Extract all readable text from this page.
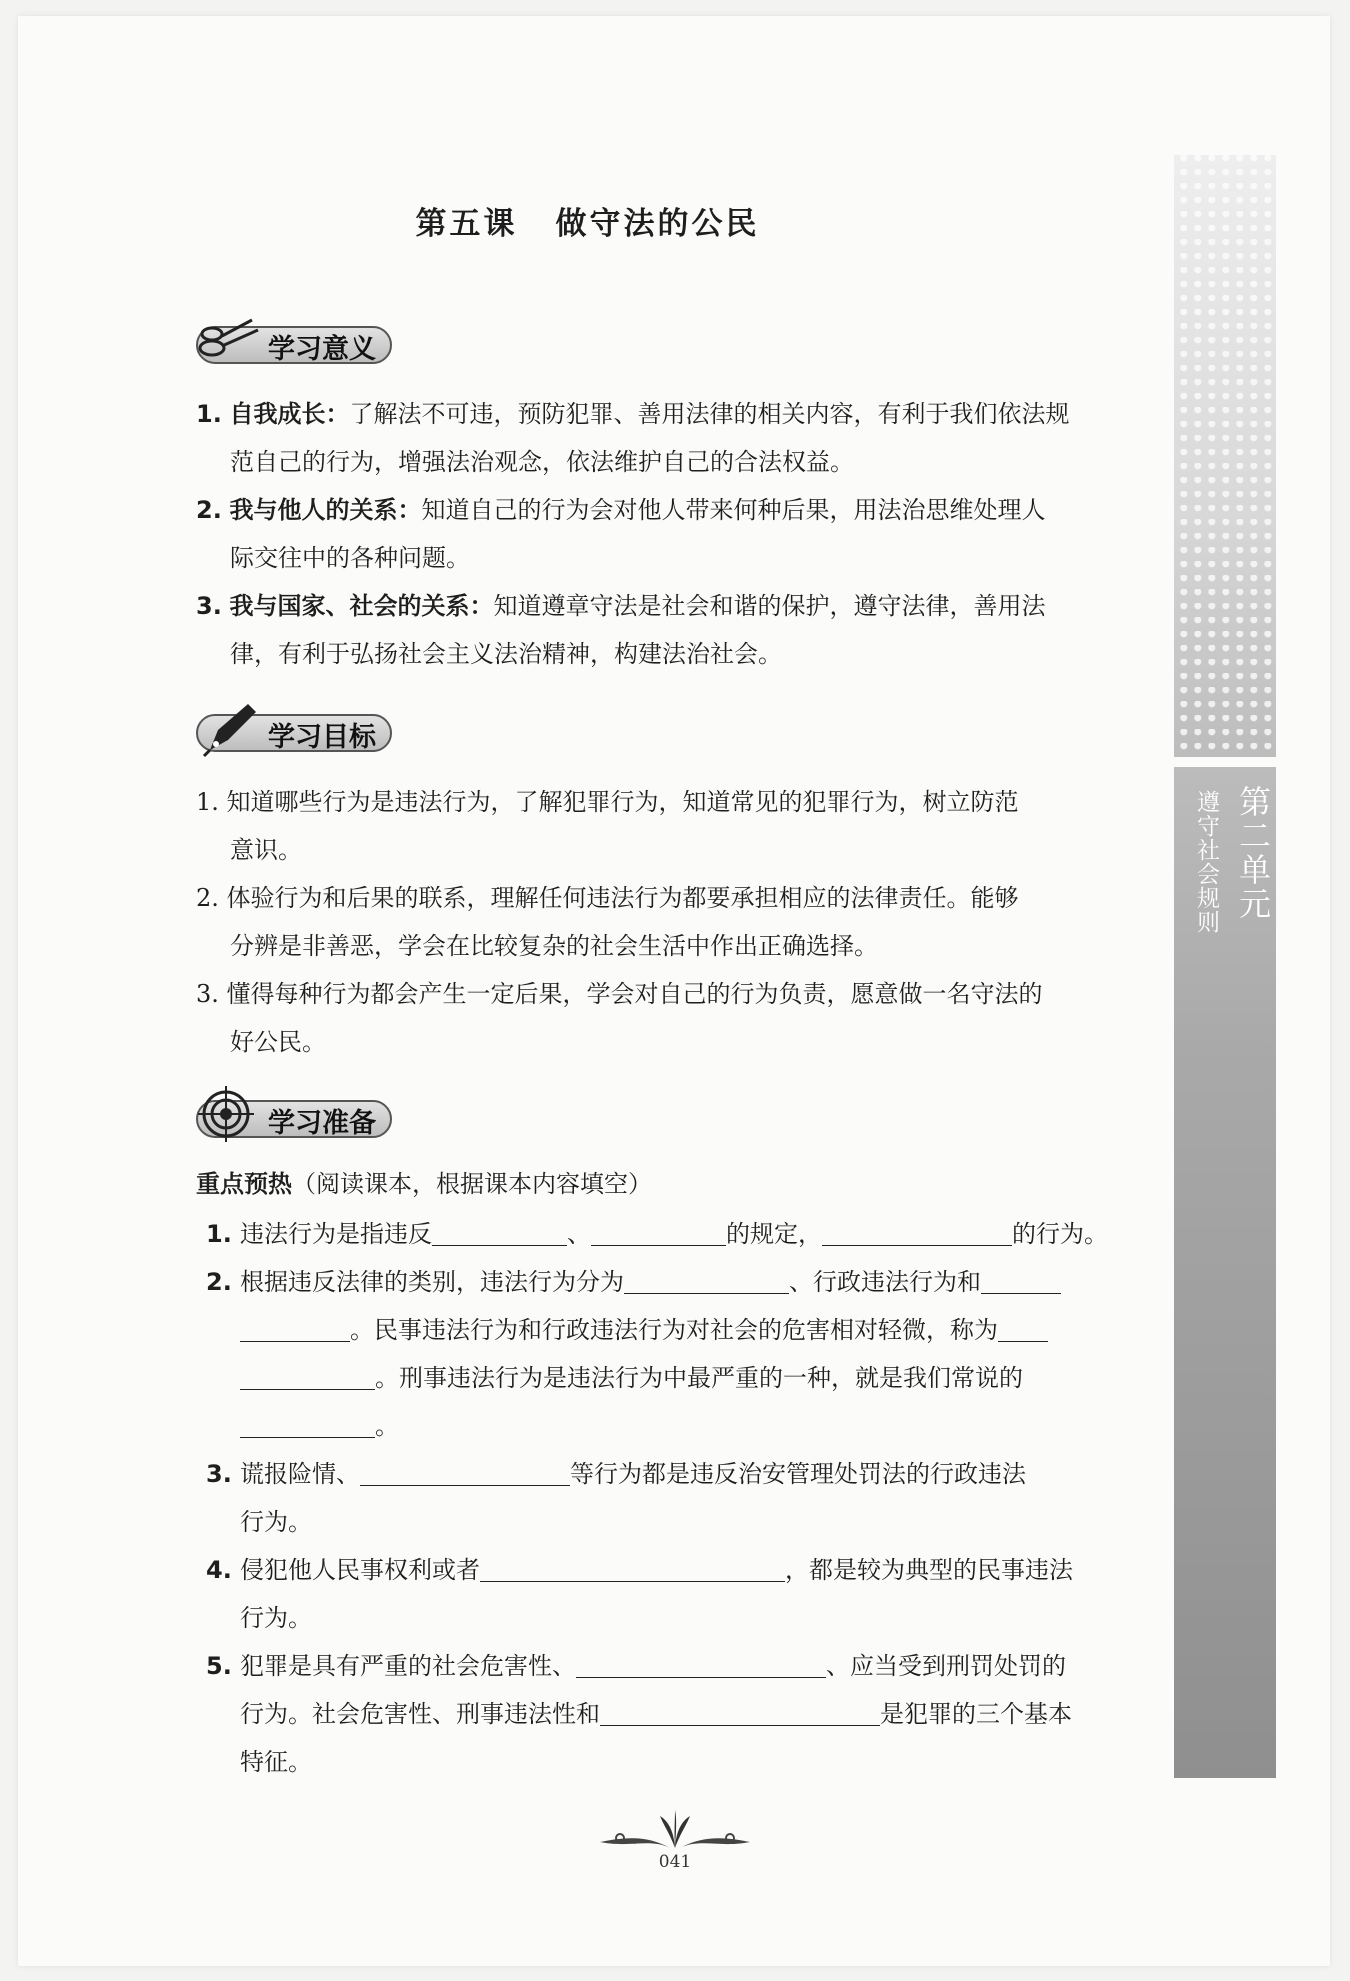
第二单元
遵守社会规则
第五课 做守法的公民
学习意义
1. 自我成长：了解法不可违，预防犯罪、善用法律的相关内容，有利于我们依法规
范自己的行为，增强法治观念，依法维护自己的合法权益。
2. 我与他人的关系：知道自己的行为会对他人带来何种后果，用法治思维处理人
际交往中的各种问题。
3. 我与国家、社会的关系：知道遵章守法是社会和谐的保护，遵守法律，善用法
律，有利于弘扬社会主义法治精神，构建法治社会。
学习目标
1. 知道哪些行为是违法行为，了解犯罪行为，知道常见的犯罪行为，树立防范
意识。
2. 体验行为和后果的联系，理解任何违法行为都要承担相应的法律责任。能够
分辨是非善恶，学会在比较复杂的社会生活中作出正确选择。
3. 懂得每种行为都会产生一定后果，学会对自己的行为负责，愿意做一名守法的
好公民。
学习准备
重点预热（阅读课本，根据课本内容填空）
1. 违法行为是指违反	、	的规定，	的行为。
2. 根据违反法律的类别，违法行为分为	、行政违法行为和
。民事违法行为和行政违法行为对社会的危害相对轻微，称为
。刑事违法行为是违法行为中最严重的一种，就是我们常说的
。
3. 谎报险情、	等行为都是违反治安管理处罚法的行政违法
行为。
4. 侵犯他人民事权利或者	，都是较为典型的民事违法
行为。
5. 犯罪是具有严重的社会危害性、	、应当受到刑罚处罚的
行为。社会危害性、刑事违法性和	是犯罪的三个基本
特征。
041
